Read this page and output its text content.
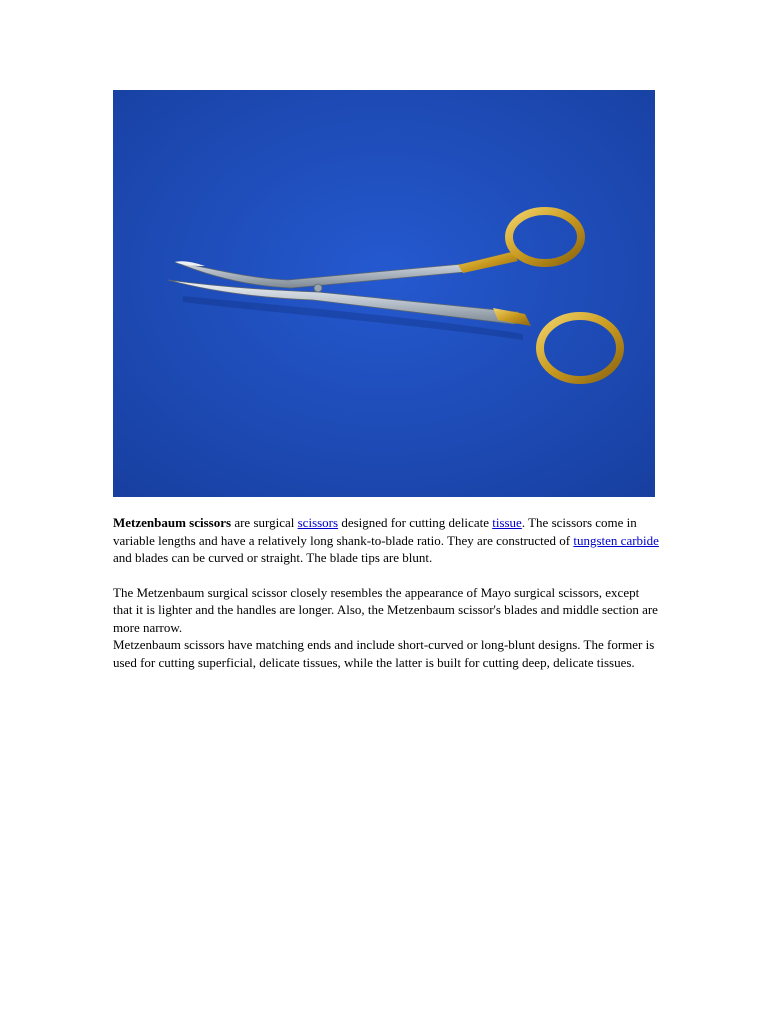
Metzenbaum scissors are surgical scissors designed for cutting delicate tissue. The scissors come in variable lengths and have a relatively long shank-to-blade ratio. They are constructed of tungsten carbide and blades can be curved or straight. The blade tips are blunt.

The Metzenbaum surgical scissor closely resembles the appearance of Mayo surgical scissors, except that it is lighter and the handles are longer. Also, the Metzenbaum scissor's blades and middle section are more narrow.

Metzenbaum scissors have matching ends and include short-curved or long-blunt designs. The former is used for cutting superficial, delicate tissues, while the latter is built for cutting deep, delicate tissues.
